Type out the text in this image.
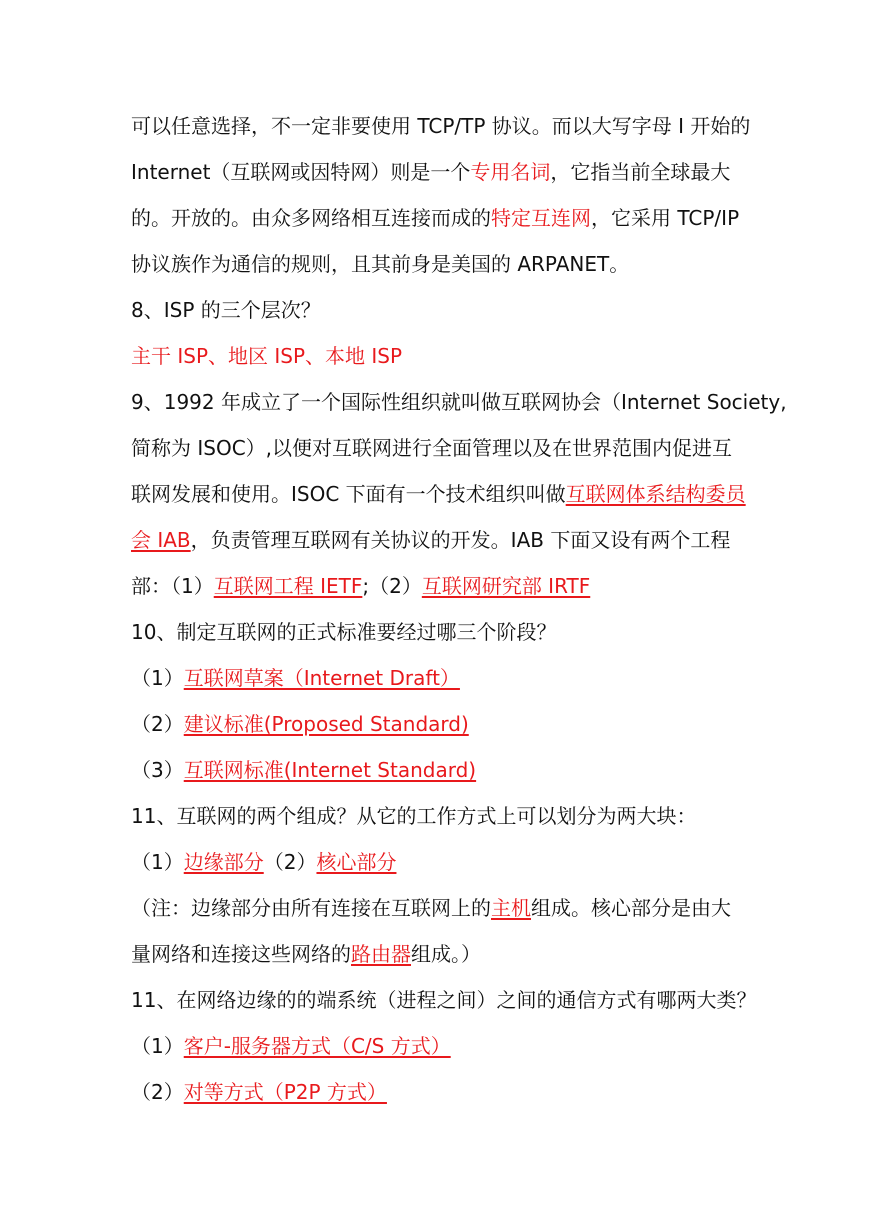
可以任意选择，不一定非要使用 TCP/TP 协议。而以大写字母 I 开始的
Internet（互联网或因特网）则是一个专用名词，它指当前全球最大
的。开放的。由众多网络相互连接而成的特定互连网，它采用 TCP/IP
协议族作为通信的规则，且其前身是美国的 ARPANET。
8、ISP 的三个层次？
主干 ISP、地区 ISP、本地 ISP
9、1992 年成立了一个国际性组织就叫做互联网协会（Internet Society,
简称为 ISOC）,以便对互联网进行全面管理以及在世界范围内促进互
联网发展和使用。ISOC 下面有一个技术组织叫做互联网体系结构委员
会 IAB，负责管理互联网有关协议的开发。IAB 下面又设有两个工程
部：（1）互联网工程 IETF;（2）互联网研究部 IRTF
10、制定互联网的正式标准要经过哪三个阶段？
（1）互联网草案（Internet Draft）
（2）建议标准(Proposed Standard)
（3）互联网标准(Internet Standard)
11、互联网的两个组成？从它的工作方式上可以划分为两大块：
（1）边缘部分（2）核心部分
（注：边缘部分由所有连接在互联网上的主机组成。核心部分是由大
量网络和连接这些网络的路由器组成。）
11、在网络边缘的的端系统（进程之间）之间的通信方式有哪两大类？
（1）客户-服务器方式（C/S 方式）
（2）对等方式（P2P 方式）
